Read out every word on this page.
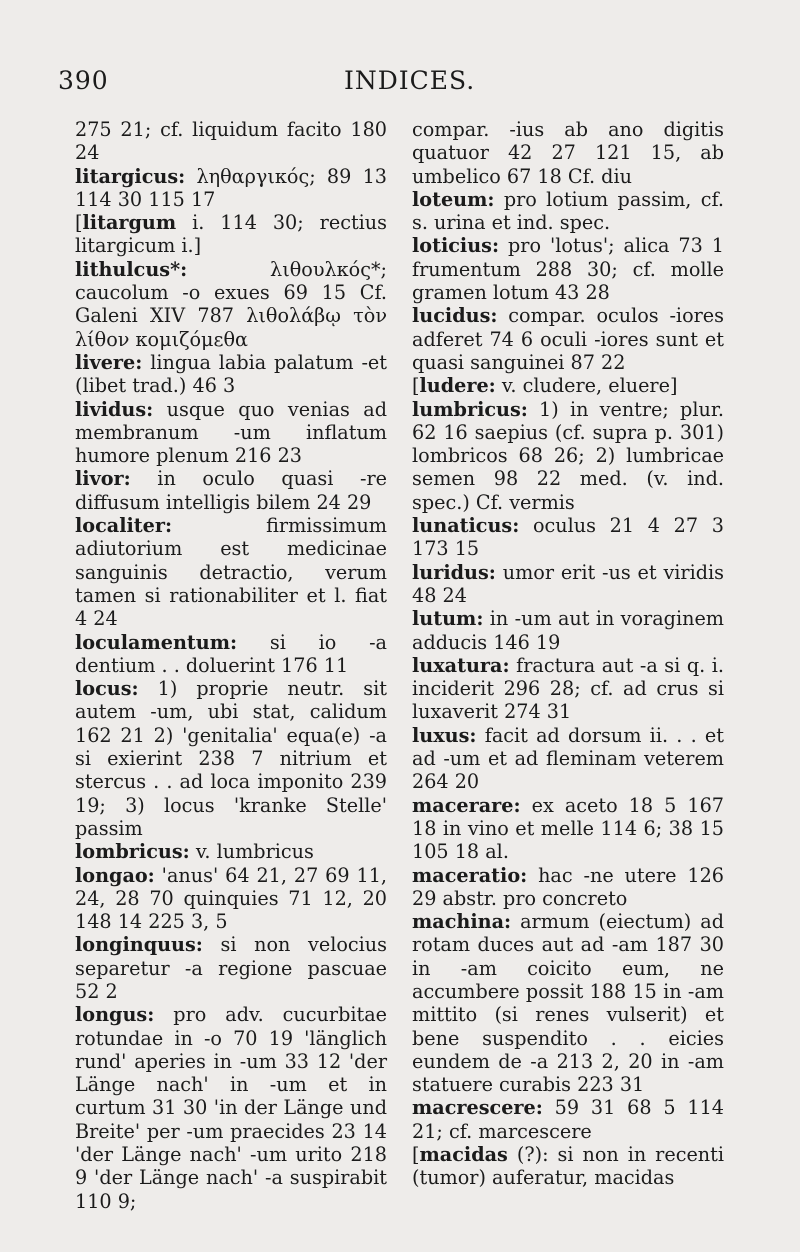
390	INDICES.
275 21; cf. liquidum facito 180 24
litargicus: ληθαργικός; 89 13 114 30 115 17
[ litargum i. 114 30; rectius litargicum i.]
lithulcus*: λιθουλκός*; caucolum -o exues 69 15 Cf. Galeni XIV 787 λιθολάβῳ τὸν λίθον κομιζόμεθα
livere: lingua labia palatum -et (libet trad.) 46 3
lividus: usque quo venias ad membranum -um inflatum humore plenum 216 23
livor: in oculo quasi -re diffusum intelligis bilem 24 29
localiter: firmissimum adiutorium est medicinae sanguinis detractio, verum tamen si rationabiliter et l. fiat 4 24
loculamentum: si io -a dentium . . doluerint 176 11
locus: 1) proprie neutr. sit autem -um, ubi stat, calidum 162 21 2) 'genitalia' equa(e) -a si exierint 238 7 nitrium et stercus . . ad loca imponito 239 19; 3) locus 'kranke Stelle' passim
lombricus: v. lumbricus
longao: 'anus' 64 21, 27 69 11, 24, 28 70 quinquies 71 12, 20 148 14 225 3, 5
longinquus: si non velocius separetur -a regione pascuae 52 2
longus: pro adv. cucurbitae rotundae in -o 70 19 'länglich rund' aperies in -um 33 12 'der Länge nach' in -um et in curtum 31 30 'in der Länge und Breite' per -um praecides 23 14 'der Länge nach' -um urito 218 9 'der Länge nach' -a suspirabit 110 9;
compar. -ius ab ano digitis quatuor 42 27 121 15, ab umbelico 67 18 Cf. diu
loteum: pro lotium passim, cf. s. urina et ind. spec.
loticius: pro 'lotus'; alica 73 1 frumentum 288 30; cf. molle gramen lotum 43 28
lucidus: compar. oculos -iores adferet 74 6 oculi -iores sunt et quasi sanguinei 87 22
[ ludere: v. cludere, eluere]
lumbricus: 1) in ventre; plur. 62 16 saepius (cf. supra p. 301) lombricos 68 26; 2) lumbricae semen 98 22 med. (v. ind. spec.) Cf. vermis
lunaticus: oculus 21 4 27 3 173 15
luridus: umor erit -us et viridis 48 24
lutum: in -um aut in voraginem adducis 146 19
luxatura: fractura aut -a si q. i. inciderit 296 28; cf. ad crus si luxaverit 274 31
luxus: facit ad dorsum ii. . . et ad -um et ad fleminam veterem 264 20
macerare: ex aceto 18 5 167 18 in vino et melle 114 6; 38 15 105 18 al.
maceratio: hac -ne utere 126 29 abstr. pro concreto
machina: armum (eiectum) ad rotam duces aut ad -am 187 30 in -am coicito eum, ne accumbere possit 188 15 in -am mittito (si renes vulserit) et bene suspendito . . eicies eundem de -a 213 2, 20 in -am statuere curabis 223 31
macrescere: 59 31 68 5 114 21; cf. marcescere
[ macidas (?): si non in recenti (tumor) auferatur, macidas
